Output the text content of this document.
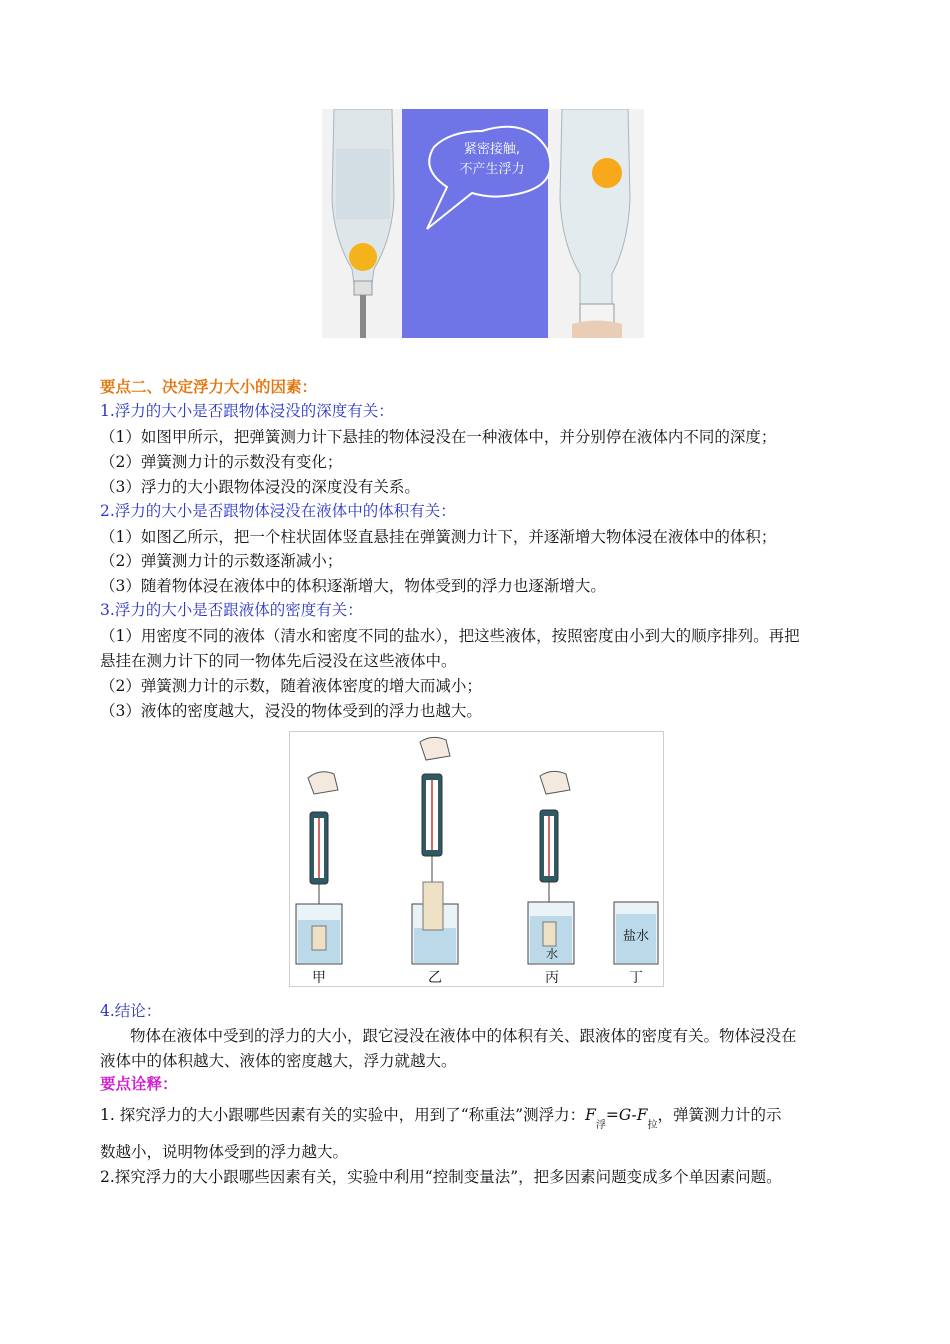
紧密接触,
不产生浮力
要点二、决定浮力大小的因素：
1.浮力的大小是否跟物体浸没的深度有关：
（1）如图甲所示，把弹簧测力计下悬挂的物体浸没在一种液体中，并分别停在液体内不同的深度；
（2）弹簧测力计的示数没有变化；
（3）浮力的大小跟物体浸没的深度没有关系。
2.浮力的大小是否跟物体浸没在液体中的体积有关：
（1）如图乙所示，把一个柱状固体竖直悬挂在弹簧测力计下，并逐渐增大物体浸在液体中的体积；
（2）弹簧测力计的示数逐渐减小；
（3）随着物体浸在液体中的体积逐渐增大，物体受到的浮力也逐渐增大。
3.浮力的大小是否跟液体的密度有关：
（1）用密度不同的液体（清水和密度不同的盐水），把这些液体，按照密度由小到大的顺序排列。再把
悬挂在测力计下的同一物体先后浸没在这些液体中。
（2）弹簧测力计的示数，随着液体密度的增大而减小；
（3）液体的密度越大，浸没的物体受到的浮力也越大。
水
盐水
甲	乙	丙	丁
4.结论：
物体在液体中受到的浮力的大小，跟它浸没在液体中的体积有关、跟液体的密度有关。物体浸没在
液体中的体积越大、液体的密度越大，浮力就越大。
要点诠释：
1. 探究浮力的大小跟哪些因素有关的实验中，用到了“称重法”测浮力：$F_浮=G-F_拉$，弹簧测力计的示
数越小，说明物体受到的浮力越大。
2.探究浮力的大小跟哪些因素有关，实验中利用“控制变量法”，把多因素问题变成多个单因素问题。
